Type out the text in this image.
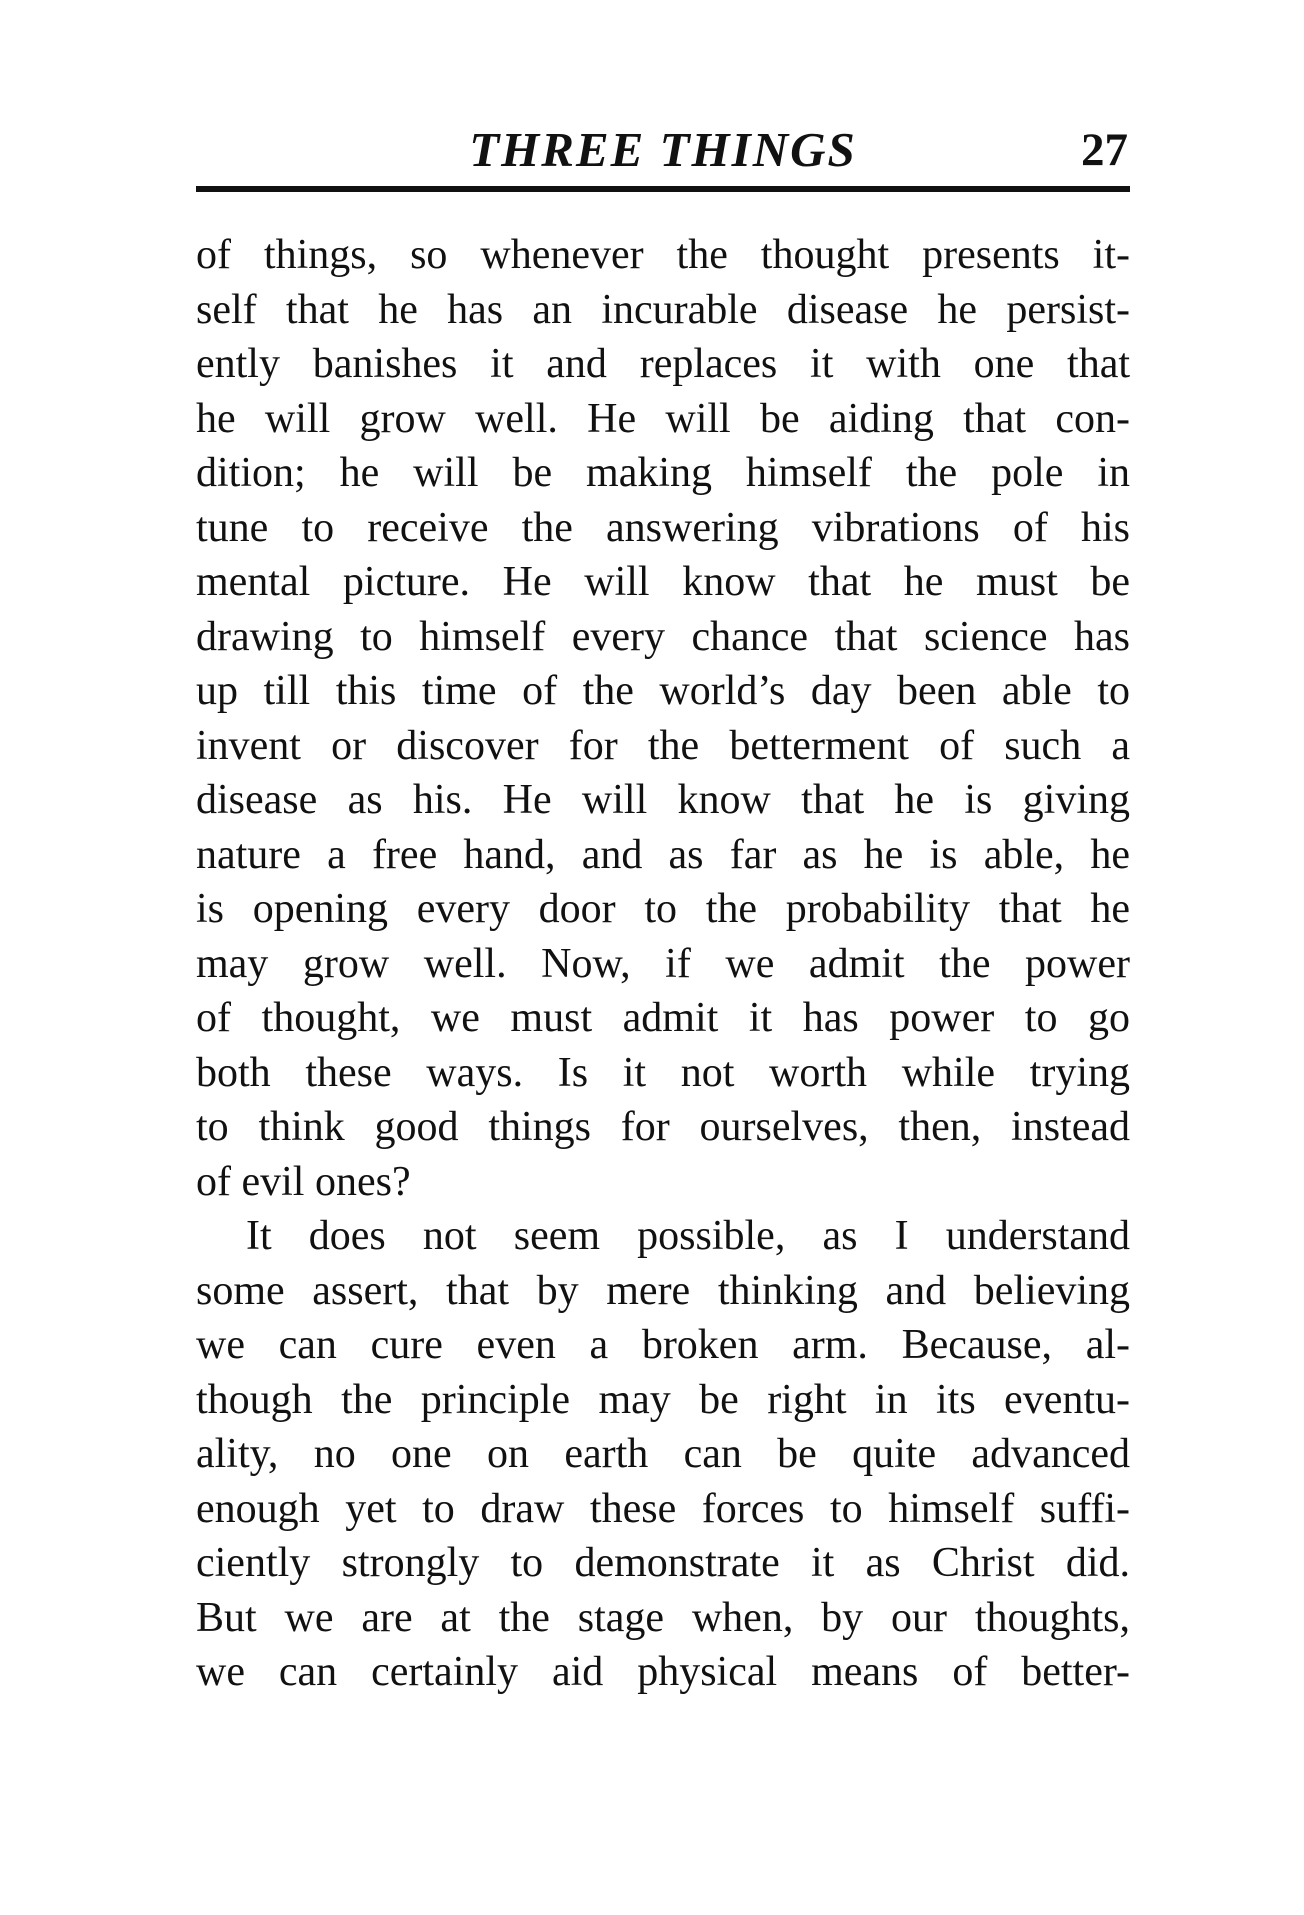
THREE THINGS	27
of things, so whenever the thought presents it-
self that he has an incurable disease he persist-
ently banishes it and replaces it with one that
he will grow well. He will be aiding that con-
dition; he will be making himself the pole in
tune to receive the answering vibrations of his
mental picture. He will know that he must be
drawing to himself every chance that science has
up till this time of the world’s day been able to
invent or discover for the betterment of such a
disease as his. He will know that he is giving
nature a free hand, and as far as he is able, he
is opening every door to the probability that he
may grow well. Now, if we admit the power
of thought, we must admit it has power to go
both these ways. Is it not worth while trying
to think good things for ourselves, then, instead
of evil ones?
It does not seem possible, as I understand
some assert, that by mere thinking and believing
we can cure even a broken arm. Because, al-
though the principle may be right in its eventu-
ality, no one on earth can be quite advanced
enough yet to draw these forces to himself suffi-
ciently strongly to demonstrate it as Christ did.
But we are at the stage when, by our thoughts,
we can certainly aid physical means of better-
